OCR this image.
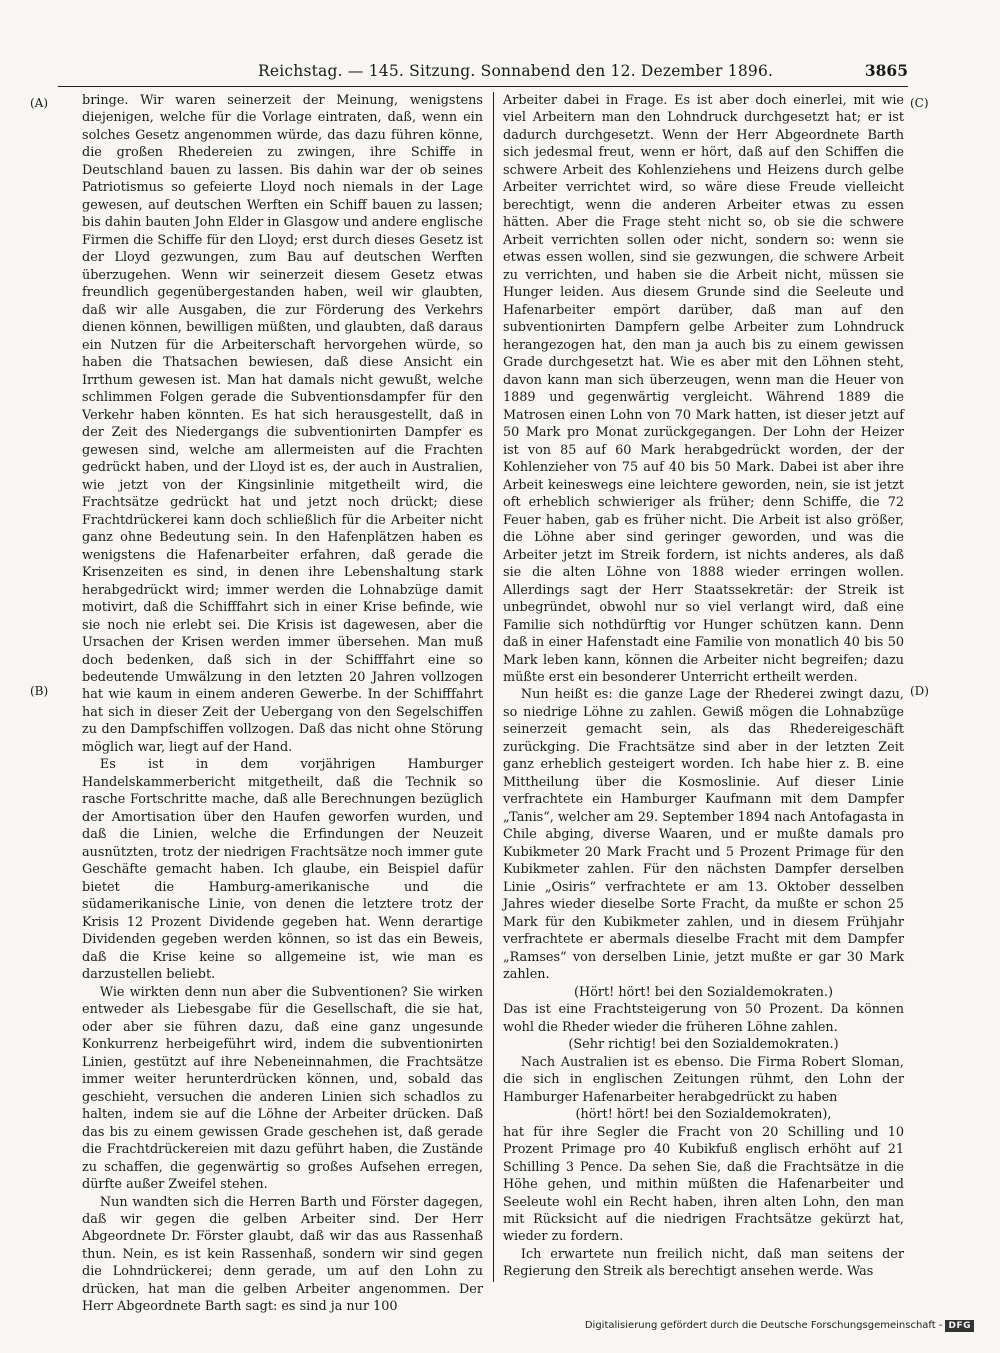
Reichstag. — 145. Sitzung. Sonnabend den 12. Dezember 1896.	3865
(A)
(B)
(C)
(D)

bringe. Wir waren seinerzeit der Meinung, wenigstens diejenigen, welche für die Vorlage eintraten, daß, wenn ein solches Gesetz angenommen würde, das dazu führen könne, die großen Rhedereien zu zwingen, ihre Schiffe in Deutschland bauen zu lassen. Bis dahin war der ob seines Patriotismus so gefeierte Lloyd noch niemals in der Lage gewesen, auf deutschen Werften ein Schiff bauen zu lassen; bis dahin bauten John Elder in Glasgow und andere englische Firmen die Schiffe für den Lloyd; erst durch dieses Gesetz ist der Lloyd gezwungen, zum Bau auf deutschen Werften überzugehen. Wenn wir seinerzeit diesem Gesetz etwas freundlich gegenübergestanden haben, weil wir glaubten, daß wir alle Ausgaben, die zur Förderung des Verkehrs dienen können, bewilligen müßten, und glaubten, daß daraus ein Nutzen für die Arbeiterschaft hervorgehen würde, so haben die Thatsachen bewiesen, daß diese Ansicht ein Irrthum gewesen ist. Man hat damals nicht gewußt, welche schlimmen Folgen gerade die Subventionsdampfer für den Verkehr haben könnten. Es hat sich herausgestellt, daß in der Zeit des Niedergangs die subventionirten Dampfer es gewesen sind, welche am allermeisten auf die Frachten gedrückt haben, und der Lloyd ist es, der auch in Australien, wie jetzt von der Kingsinlinie mitgetheilt wird, die Frachtsätze gedrückt hat und jetzt noch drückt; diese Frachtdrückerei kann doch schließlich für die Arbeiter nicht ganz ohne Bedeutung sein. In den Hafenplätzen haben es wenigstens die Hafenarbeiter erfahren, daß gerade die Krisenzeiten es sind, in denen ihre Lebenshaltung stark herabgedrückt wird; immer werden die Lohnabzüge damit motivirt, daß die Schifffahrt sich in einer Krise befinde, wie sie noch nie erlebt sei. Die Krisis ist dagewesen, aber die Ursachen der Krisen werden immer übersehen. Man muß doch bedenken, daß sich in der Schifffahrt eine so bedeutende Umwälzung in den letzten 20 Jahren vollzogen hat wie kaum in einem anderen Gewerbe. In der Schifffahrt hat sich in dieser Zeit der Uebergang von den Segelschiffen zu den Dampfschiffen vollzogen. Daß das nicht ohne Störung möglich war, liegt auf der Hand.

Es ist in dem vorjährigen Hamburger Handelskammerbericht mitgetheilt, daß die Technik so rasche Fortschritte mache, daß alle Berechnungen bezüglich der Amortisation über den Haufen geworfen wurden, und daß die Linien, welche die Erfindungen der Neuzeit ausnützten, trotz der niedrigen Frachtsätze noch immer gute Geschäfte gemacht haben. Ich glaube, ein Beispiel dafür bietet die Hamburg-amerikanische und die südamerikanische Linie, von denen die letztere trotz der Krisis 12 Prozent Dividende gegeben hat. Wenn derartige Dividenden gegeben werden können, so ist das ein Beweis, daß die Krise keine so allgemeine ist, wie man es darzustellen beliebt.

Wie wirkten denn nun aber die Subventionen? Sie wirken entweder als Liebesgabe für die Gesellschaft, die sie hat, oder aber sie führen dazu, daß eine ganz ungesunde Konkurrenz herbeigeführt wird, indem die subventionirten Linien, gestützt auf ihre Nebeneinnahmen, die Frachtsätze immer weiter herunterdrücken können, und, sobald das geschieht, versuchen die anderen Linien sich schadlos zu halten, indem sie auf die Löhne der Arbeiter drücken. Daß das bis zu einem gewissen Grade geschehen ist, daß gerade die Frachtdrückereien mit dazu geführt haben, die Zustände zu schaffen, die gegenwärtig so großes Aufsehen erregen, dürfte außer Zweifel stehen.

Nun wandten sich die Herren Barth und Förster dagegen, daß wir gegen die gelben Arbeiter sind. Der Herr Abgeordnete Dr. Förster glaubt, daß wir das aus Rassenhaß thun. Nein, es ist kein Rassenhaß, sondern wir sind gegen die Lohndrückerei; denn gerade, um auf den Lohn zu drücken, hat man die gelben Arbeiter angenommen. Der Herr Abgeordnete Barth sagt: es sind ja nur 100

Arbeiter dabei in Frage. Es ist aber doch einerlei, mit wie viel Arbeitern man den Lohndruck durchgesetzt hat; er ist dadurch durchgesetzt. Wenn der Herr Abgeordnete Barth sich jedesmal freut, wenn er hört, daß auf den Schiffen die schwere Arbeit des Kohlenziehens und Heizens durch gelbe Arbeiter verrichtet wird, so wäre diese Freude vielleicht berechtigt, wenn die anderen Arbeiter etwas zu essen hätten. Aber die Frage steht nicht so, ob sie die schwere Arbeit verrichten sollen oder nicht, sondern so: wenn sie etwas essen wollen, sind sie gezwungen, die schwere Arbeit zu verrichten, und haben sie die Arbeit nicht, müssen sie Hunger leiden. Aus diesem Grunde sind die Seeleute und Hafenarbeiter empört darüber, daß man auf den subventionirten Dampfern gelbe Arbeiter zum Lohndruck herangezogen hat, den man ja auch bis zu einem gewissen Grade durchgesetzt hat. Wie es aber mit den Löhnen steht, davon kann man sich überzeugen, wenn man die Heuer von 1889 und gegenwärtig vergleicht. Während 1889 die Matrosen einen Lohn von 70 Mark hatten, ist dieser jetzt auf 50 Mark pro Monat zurückgegangen. Der Lohn der Heizer ist von 85 auf 60 Mark herabgedrückt worden, der der Kohlenzieher von 75 auf 40 bis 50 Mark. Dabei ist aber ihre Arbeit keineswegs eine leichtere geworden, nein, sie ist jetzt oft erheblich schwieriger als früher; denn Schiffe, die 72 Feuer haben, gab es früher nicht. Die Arbeit ist also größer, die Löhne aber sind geringer geworden, und was die Arbeiter jetzt im Streik fordern, ist nichts anderes, als daß sie die alten Löhne von 1888 wieder erringen wollen. Allerdings sagt der Herr Staatssekretär: der Streik ist unbegründet, obwohl nur so viel verlangt wird, daß eine Familie sich nothdürftig vor Hunger schützen kann. Denn daß in einer Hafenstadt eine Familie von monatlich 40 bis 50 Mark leben kann, können die Arbeiter nicht begreifen; dazu müßte erst ein besonderer Unterricht ertheilt werden.

Nun heißt es: die ganze Lage der Rhederei zwingt dazu, so niedrige Löhne zu zahlen. Gewiß mögen die Lohnabzüge seinerzeit gemacht sein, als das Rhedereigeschäft zurückging. Die Frachtsätze sind aber in der letzten Zeit ganz erheblich gesteigert worden. Ich habe hier z. B. eine Mittheilung über die Kosmoslinie. Auf dieser Linie verfrachtete ein Hamburger Kaufmann mit dem Dampfer „Tanis“, welcher am 29. September 1894 nach Antofagasta in Chile abging, diverse Waaren, und er mußte damals pro Kubikmeter 20 Mark Fracht und 5 Prozent Primage für den Kubikmeter zahlen. Für den nächsten Dampfer derselben Linie „Osiris“ verfrachtete er am 13. Oktober desselben Jahres wieder dieselbe Sorte Fracht, da mußte er schon 25 Mark für den Kubikmeter zahlen, und in diesem Frühjahr verfrachtete er abermals dieselbe Fracht mit dem Dampfer „Ramses“ von derselben Linie, jetzt mußte er gar 30 Mark zahlen.

(Hört! hört! bei den Sozialdemokraten.)

Das ist eine Frachtsteigerung von 50 Prozent. Da können wohl die Rheder wieder die früheren Löhne zahlen.

(Sehr richtig! bei den Sozialdemokraten.)

Nach Australien ist es ebenso. Die Firma Robert Sloman, die sich in englischen Zeitungen rühmt, den Lohn der Hamburger Hafenarbeiter herabgedrückt zu haben

(hört! hört! bei den Sozialdemokraten),

hat für ihre Segler die Fracht von 20 Schilling und 10 Prozent Primage pro 40 Kubikfuß englisch erhöht auf 21 Schilling 3 Pence. Da sehen Sie, daß die Frachtsätze in die Höhe gehen, und mithin müßten die Hafenarbeiter und Seeleute wohl ein Recht haben, ihren alten Lohn, den man mit Rücksicht auf die niedrigen Frachtsätze gekürzt hat, wieder zu fordern.

Ich erwartete nun freilich nicht, daß man seitens der Regierung den Streik als berechtigt ansehen werde. Was

Digitalisierung gefördert durch die Deutsche Forschungsgemeinschaft - DFG
